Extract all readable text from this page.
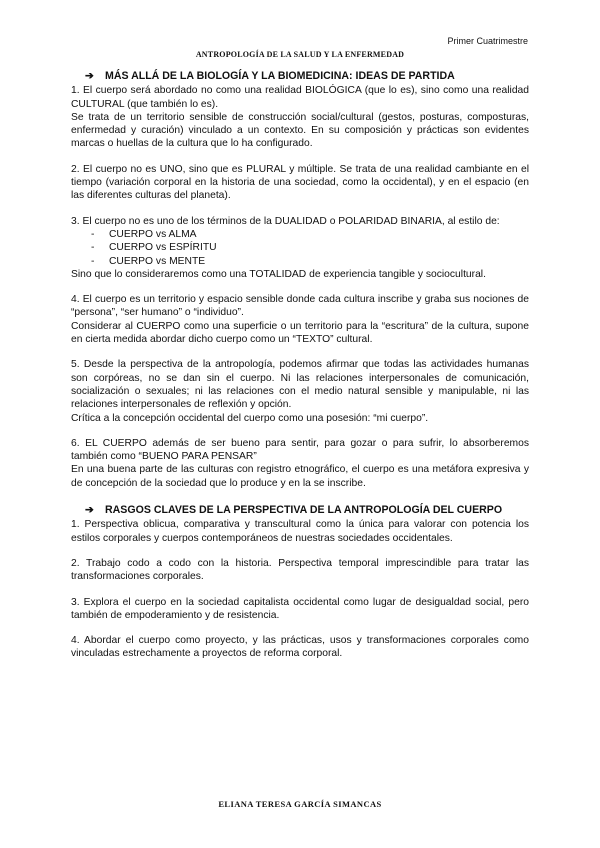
Primer Cuatrimestre
ANTROPOLOGÍA DE LA SALUD Y LA ENFERMEDAD
➔ MÁS ALLÁ DE LA BIOLOGÍA Y LA BIOMEDICINA: IDEAS DE PARTIDA

1. El cuerpo será abordado no como una realidad BIOLÓGICA (que lo es), sino como una realidad CULTURAL (que también lo es).

Se trata de un territorio sensible de construcción social/cultural (gestos, posturas, composturas, enfermedad y curación) vinculado a un contexto. En su composición y prácticas son evidentes marcas o huellas de la cultura que lo ha configurado.

2. El cuerpo no es UNO, sino que es PLURAL y múltiple. Se trata de una realidad cambiante en el tiempo (variación corporal en la historia de una sociedad, como la occidental), y en el espacio (en las diferentes culturas del planeta).

3. El cuerpo no es uno de los términos de la DUALIDAD o POLARIDAD BINARIA, al estilo de:

- CUERPO vs ALMA
- CUERPO vs ESPÍRITU
- CUERPO vs MENTE

Sino que lo consideraremos como una TOTALIDAD de experiencia tangible y sociocultural.

4. El cuerpo es un territorio y espacio sensible donde cada cultura inscribe y graba sus nociones de “persona”, “ser humano” o “individuo”.

Considerar al CUERPO como una superficie o un territorio para la “escritura” de la cultura, supone en cierta medida abordar dicho cuerpo como un “TEXTO” cultural.

5. Desde la perspectiva de la antropología, podemos afirmar que todas las actividades humanas son corpóreas, no se dan sin el cuerpo. Ni las relaciones interpersonales de comunicación, socialización o sexuales; ni las relaciones con el medio natural sensible y manipulable, ni las relaciones interpersonales de reflexión y opción.

Crítica a la concepción occidental del cuerpo como una posesión: “mi cuerpo”.

6. EL CUERPO además de ser bueno para sentir, para gozar o para sufrir, lo absorberemos también como “BUENO PARA PENSAR”

En una buena parte de las culturas con registro etnográfico, el cuerpo es una metáfora expresiva y de concepción de la sociedad que lo produce y en la se inscribe.

➔ RASGOS CLAVES DE LA PERSPECTIVA DE LA ANTROPOLOGÍA DEL CUERPO

1. Perspectiva oblicua, comparativa y transcultural como la única para valorar con potencia los estilos corporales y cuerpos contemporáneos de nuestras sociedades occidentales.

2. Trabajo codo a codo con la historia. Perspectiva temporal imprescindible para tratar las transformaciones corporales.

3. Explora el cuerpo en la sociedad capitalista occidental como lugar de desigualdad social, pero también de empoderamiento y de resistencia.

4. Abordar el cuerpo como proyecto, y las prácticas, usos y transformaciones corporales como vinculadas estrechamente a proyectos de reforma corporal.

ELIANA TERESA GARCÍA SIMANCAS
